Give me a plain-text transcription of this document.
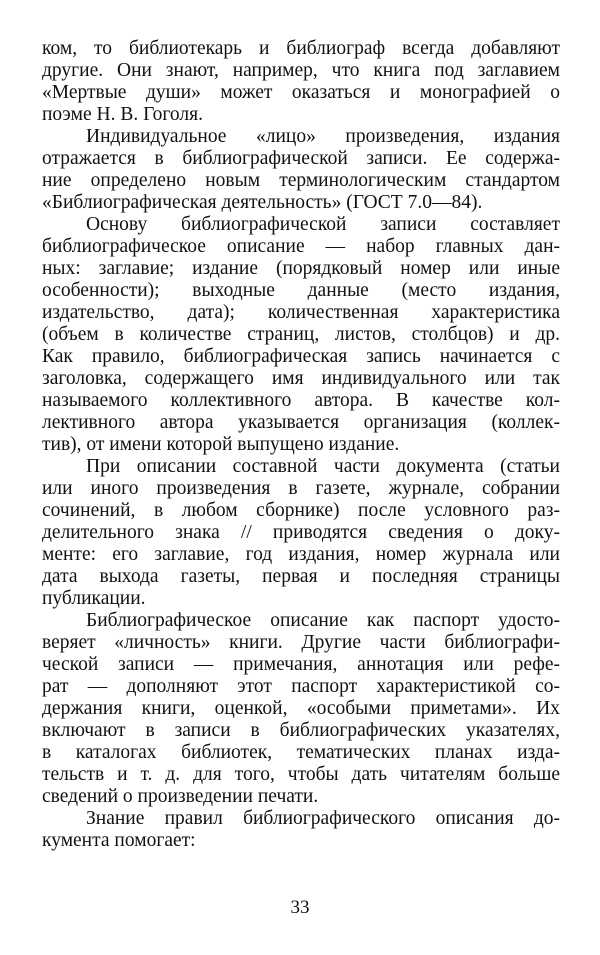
ком, то библиотекарь и библиограф всегда добавляют
другие. Они знают, например, что книга под заглавием
«Мертвые души» может оказаться и монографией о
поэме Н. В. Гоголя.
Индивидуальное «лицо» произведения, издания
отражается в библиографической записи. Ее содержа-
ние определено новым терминологическим стандартом
«Библиографическая деятельность» (ГОСТ 7.0—84).
Основу библиографической записи составляет
библиографическое описание — набор главных дан-
ных: заглавие; издание (порядковый номер или иные
особенности); выходные данные (место издания,
издательство, дата); количественная характеристика
(объем в количестве страниц, листов, столбцов) и др.
Как правило, библиографическая запись начинается с
заголовка, содержащего имя индивидуального или так
называемого коллективного автора. В качестве кол-
лективного автора указывается организация (коллек-
тив), от имени которой выпущено издание.
При описании составной части документа (статьи
или иного произведения в газете, журнале, собрании
сочинений, в любом сборнике) после условного раз-
делительного знака // приводятся сведения о доку-
менте: его заглавие, год издания, номер журнала или
дата выхода газеты, первая и последняя страницы
публикации.
Библиографическое описание как паспорт удосто-
веряет «личность» книги. Другие части библиографи-
ческой записи — примечания, аннотация или рефе-
рат — дополняют этот паспорт характеристикой со-
держания книги, оценкой, «особыми приметами». Их
включают в записи в библиографических указателях,
в каталогах библиотек, тематических планах изда-
тельств и т. д. для того, чтобы дать читателям больше
сведений о произведении печати.
Знание правил библиографического описания до-
кумента помогает:
33
